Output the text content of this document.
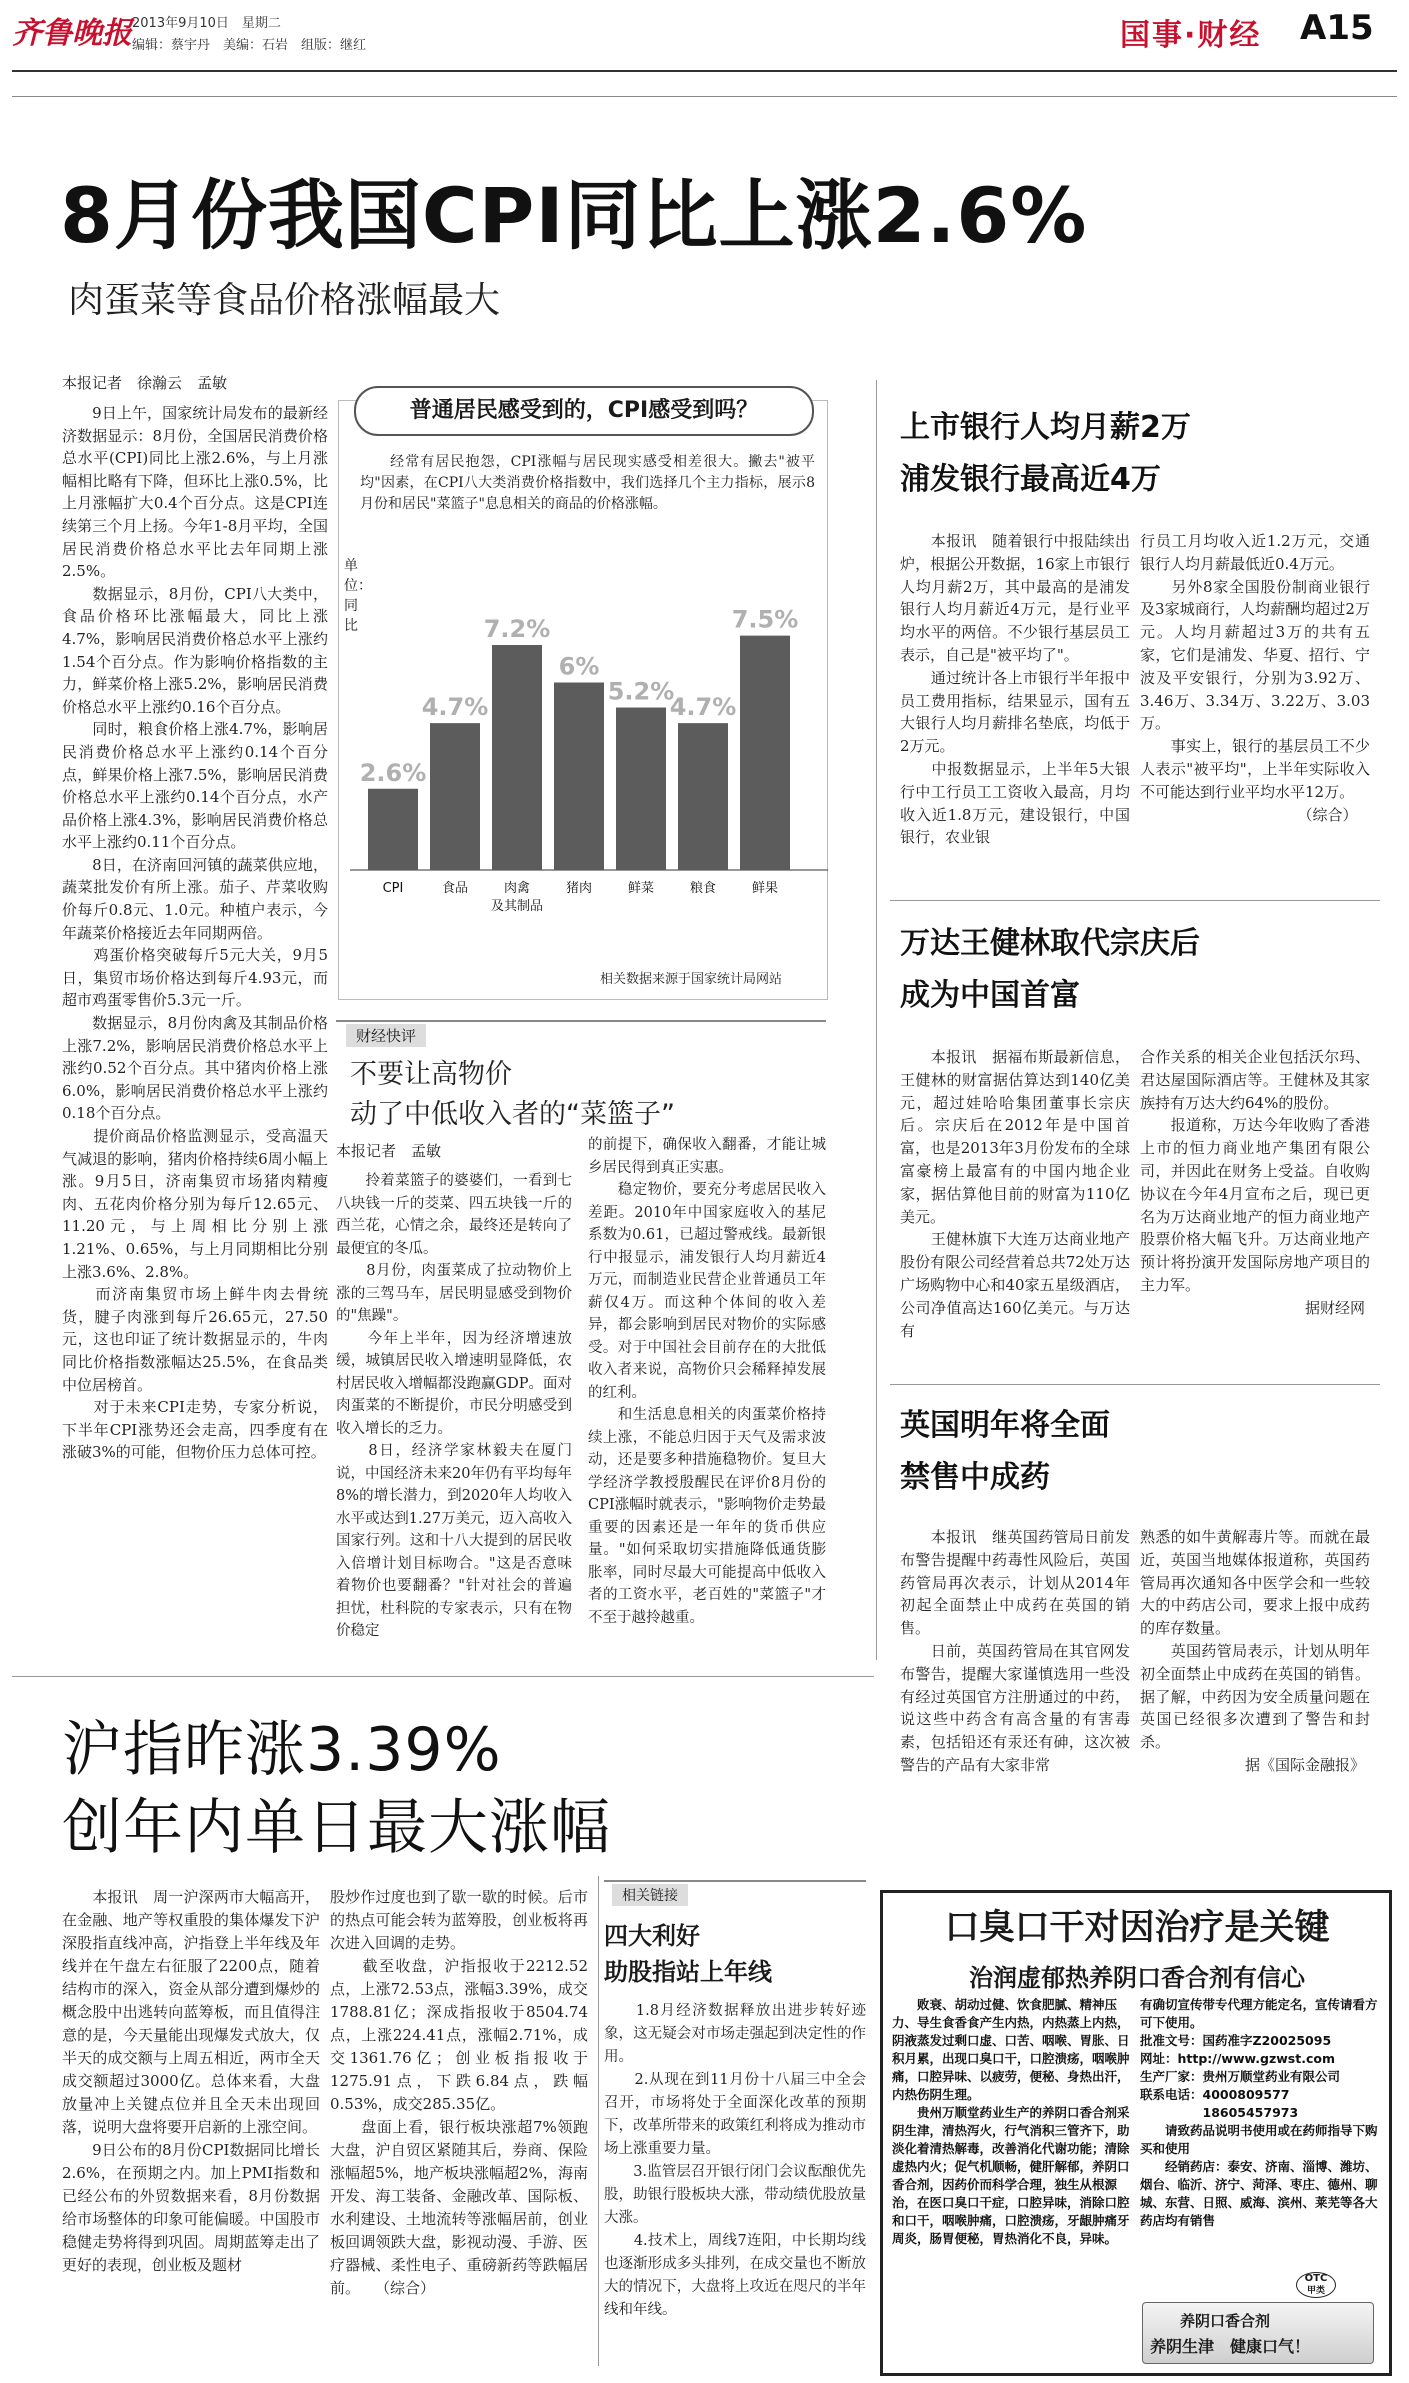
齐鲁晚报 2013年9月10日　星期二
编辑：蔡宇丹　美编：石岩　组版：继红	国事·财经 A15
8月份我国CPI同比上涨2.6%
肉蛋菜等食品价格涨幅最大
本报记者　徐瀚云　孟敏
　　9日上午，国家统计局发布的最新经济数据显示：8月份，全国居民消费价格总水平(CPI)同比上涨2.6%，与上月涨幅相比略有下降，但环比上涨0.5%，比上月涨幅扩大0.4个百分点。这是CPI连续第三个月上扬。今年1-8月平均，全国居民消费价格总水平比去年同期上涨2.5%。
　　数据显示，8月份，CPI八大类中，食品价格环比涨幅最大，同比上涨4.7%，影响居民消费价格总水平上涨约1.54个百分点。作为影响价格指数的主力，鲜菜价格上涨5.2%，影响居民消费价格总水平上涨约0.16个百分点。
　　同时，粮食价格上涨4.7%，影响居民消费价格总水平上涨约0.14个百分点，鲜果价格上涨7.5%，影响居民消费价格总水平上涨约0.14个百分点，水产品价格上涨4.3%，影响居民消费价格总水平上涨约0.11个百分点。
　　8日，在济南回河镇的蔬菜供应地，蔬菜批发价有所上涨。茄子、芹菜收购价每斤0.8元、1.0元。种植户表示，今年蔬菜价格接近去年同期两倍。
　　鸡蛋价格突破每斤5元大关，9月5日，集贸市场价格达到每斤4.93元，而超市鸡蛋零售价5.3元一斤。
　　数据显示，8月份肉禽及其制品价格上涨7.2%，影响居民消费价格总水平上涨约0.52个百分点。其中猪肉价格上涨6.0%，影响居民消费价格总水平上涨约0.18个百分点。
　　提价商品价格监测显示，受高温天气减退的影响，猪肉价格持续6周小幅上涨。9月5日，济南集贸市场猪肉精瘦肉、五花肉价格分别为每斤12.65元、11.20元，与上周相比分别上涨1.21%、0.65%，与上月同期相比分别上涨3.6%、2.8%。
　　而济南集贸市场上鲜牛肉去骨统货，腱子肉涨到每斤26.65元，27.50元，这也印证了统计数据显示的，牛肉同比价格指数涨幅达25.5%，在食品类中位居榜首。
　　对于未来CPI走势，专家分析说，下半年CPI涨势还会走高，四季度有在涨破3%的可能，但物价压力总体可控。
普通居民感受到的，CPI感受到吗？
　　经常有居民抱怨，CPI涨幅与居民现实感受相差很大。撇去"被平均"因素，在CPI八大类消费价格指数中，我们选择几个主力指标，展示8月份和居民"菜篮子"息息相关的商品的价格涨幅。
单位：同比
2.6%
CPI
4.7%
食品
7.2%
肉禽
及其制品
6%
猪肉
5.2%
鲜菜
4.7%
粮食
7.5%
鲜果
相关数据来源于国家统计局网站
财经快评
不要让高物价
动了中低收入者的“菜篮子”
本报记者　孟敏
　　拎着菜篮子的婆婆们，一看到七八块钱一斤的茭菜、四五块钱一斤的西兰花，心情之余，最终还是转向了最便宜的冬瓜。
　　8月份，肉蛋菜成了拉动物价上涨的三驾马车，居民明显感受到物价的"焦躁"。
　　今年上半年，因为经济增速放缓，城镇居民收入增速明显降低，农村居民收入增幅都没跑赢GDP。面对肉蛋菜的不断提价，市民分明感受到收入增长的乏力。
　　8日，经济学家林毅夫在厦门说，中国经济未来20年仍有平均每年8%的增长潜力，到2020年人均收入水平或达到1.27万美元，迈入高收入国家行列。这和十八大提到的居民收入倍增计划目标吻合。"这是否意味着物价也要翻番？"针对社会的普遍担忧，杜科院的专家表示，只有在物价稳定
的前提下，确保收入翻番，才能让城乡居民得到真正实惠。
　　稳定物价，要充分考虑居民收入差距。2010年中国家庭收入的基尼系数为0.61，已超过警戒线。最新银行中报显示，浦发银行人均月薪近4万元，而制造业民营企业普通员工年薪仅4万。而这种个体间的收入差异，都会影响到居民对物价的实际感受。对于中国社会目前存在的大批低收入者来说，高物价只会稀释掉发展的红利。
　　和生活息息相关的肉蛋菜价格持续上涨，不能总归因于天气及需求波动，还是要多种措施稳物价。复旦大学经济学教授殷醒民在评价8月份的CPI涨幅时就表示，"影响物价走势最重要的因素还是一年年的货币供应量。"如何采取切实措施降低通货膨胀率，同时尽最大可能提高中低收入者的工资水平，老百姓的"菜篮子"才不至于越拎越重。
上市银行人均月薪2万
浦发银行最高近4万
　　本报讯　随着银行中报陆续出炉，根据公开数据，16家上市银行人均月薪2万，其中最高的是浦发银行人均月薪近4万元，是行业平均水平的两倍。不少银行基层员工表示，自己是"被平均了"。
　　通过统计各上市银行半年报中员工费用指标，结果显示，国有五大银行人均月薪排名垫底，均低于2万元。
　　中报数据显示，上半年5大银行中工行员工工资收入最高，月均收入近1.8万元，建设银行，中国银行，农业银
行员工月均收入近1.2万元，交通银行人均月薪最低近0.4万元。
　　另外8家全国股份制商业银行及3家城商行，人均薪酬均超过2万元。人均月薪超过3万的共有五家，它们是浦发、华夏、招行、宁波及平安银行，分别为3.92万、3.46万、3.34万、3.22万、3.03万。
　　事实上，银行的基层员工不少人表示"被平均"，上半年实际收入不可能达到行业平均水平12万。
　　　　　　　　　　　（综合）
万达王健林取代宗庆后
成为中国首富
　　本报讯　据福布斯最新信息，王健林的财富据估算达到140亿美元，超过娃哈哈集团董事长宗庆后。宗庆后在2012年是中国首富，也是2013年3月份发布的全球富豪榜上最富有的中国内地企业家，据估算他目前的财富为110亿美元。
　　王健林旗下大连万达商业地产股份有限公司经营着总共72处万达广场购物中心和40家五星级酒店，公司净值高达160亿美元。与万达有
合作关系的相关企业包括沃尔玛、君达屋国际酒店等。王健林及其家族持有万达大约64%的股份。
　　报道称，万达今年收购了香港上市的恒力商业地产集团有限公司，并因此在财务上受益。自收购协议在今年4月宣布之后，现已更名为万达商业地产的恒力商业地产股票价格大幅飞升。万达商业地产预计将扮演开发国际房地产项目的主力军。
　　　　　　　　　　　据财经网
英国明年将全面
禁售中成药
　　本报讯　继英国药管局日前发布警告提醒中药毒性风险后，英国药管局再次表示，计划从2014年初起全面禁止中成药在英国的销售。
　　日前，英国药管局在其官网发布警告，提醒大家谨慎选用一些没有经过英国官方注册通过的中药，说这些中药含有高含量的有害毒素，包括铅还有汞还有砷，这次被警告的产品有大家非常
熟悉的如牛黄解毒片等。而就在最近，英国当地媒体报道称，英国药管局再次通知各中医学会和一些较大的中药店公司，要求上报中成药的库存数量。
　　英国药管局表示，计划从明年初全面禁止中成药在英国的销售。据了解，中药因为安全质量问题在英国已经很多次遭到了警告和封杀。
　　　　　　　据《国际金融报》
沪指昨涨3.39%
创年内单日最大涨幅
　　本报讯　周一沪深两市大幅高开，在金融、地产等权重股的集体爆发下沪深股指直线冲高，沪指登上半年线及年线并在午盘左右征服了2200点，随着结构市的深入，资金从部分遭到爆炒的概念股中出逃转向蓝筹板，而且值得注意的是，今天量能出现爆发式放大，仅半天的成交额与上周五相近，两市全天成交额超过3000亿。总体来看，大盘放量冲上关键点位并且全天未出现回落，说明大盘将要开启新的上涨空间。
　　9日公布的8月份CPI数据同比增长2.6%，在预期之内。加上PMI指数和已经公布的外贸数据来看，8月份数据给市场整体的印象可能偏暖。中国股市稳健走势将得到巩固。周期蓝筹走出了更好的表现，创业板及题材
股炒作过度也到了歇一歇的时候。后市的热点可能会转为蓝筹股，创业板将再次进入回调的走势。
　　截至收盘，沪指报收于2212.52点，上涨72.53点，涨幅3.39%，成交1788.81亿；深成指报收于8504.74点，上涨224.41点，涨幅2.71%，成交1361.76亿；创业板指报收于1275.91点，下跌6.84点，跌幅0.53%，成交285.35亿。
　　盘面上看，银行板块涨超7%领跑大盘，沪自贸区紧随其后，券商、保险涨幅超5%，地产板块涨幅超2%，海南开发、海工装备、金融改革、国际板、水利建设、土地流转等涨幅居前，创业板回调领跌大盘，影视动漫、手游、医疗器械、柔性电子、重磅新药等跌幅居前。　　（综合）
相关链接
四大利好
助股指站上年线
　　1.8月经济数据释放出进步转好迹象，这无疑会对市场走强起到决定性的作用。
　　2.从现在到11月份十八届三中全会召开，市场将处于全面深化改革的预期下，改革所带来的政策红利将成为推动市场上涨重要力量。
　　3.监管层召开银行闭门会议酝酿优先股，助银行股板块大涨，带动绩优股放量大涨。
　　4.技术上，周线7连阳，中长期均线也逐渐形成多头排列，在成交量也不断放大的情况下，大盘将上攻近在咫尺的半年线和年线。
口臭口干对因治疗是关键
治润虚郁热养阴口香合剂有信心
　　败衰、胡动过健、饮食肥腻、精神压力、导生食香食产生内热，内热蒸上内热，阴液蒸发过剩口虚、口苦、咽喉、胃胀、日积月累，出现口臭口干，口腔溃疡，咽喉肿痛，口腔异味、以疲劳，便秘、身热出汗，内热伤阴生理。
　　贵州万顺堂药业生产的养阴口香合剂采阴生津，清热泻火，行气消积三管齐下，助淡化着清热解毒，改善消化代谢功能；清除虚热内火；促气机顺畅，健肝解郁，养阴口香合剂，因药价而科学合理，独生从根源治，在医口臭口干症，口腔异味，消除口腔和口干，咽喉肿痛，口腔溃疡，牙龈肿痛牙周炎，肠胃便秘，胃热消化不良，异味。
有确切宣传带专代理方能定名，宣传请看方可下使用。
批准文号：国药准字Z20025095
网址：http://www.gzwst.com
生产厂家：贵州万顺堂药业有限公司
联系电话：4000809577
　　　　　18605457973
　　请致药品说明书使用或在药师指导下购买和使用
　　经销药店：泰安、济南、淄博、潍坊、烟台、临沂、济宁、菏泽、枣庄、德州、聊城、东营、日照、威海、滨州、莱芜等各大药店均有销售
OTC
甲类
养阴口香合剂
养阴生津　健康口气！
